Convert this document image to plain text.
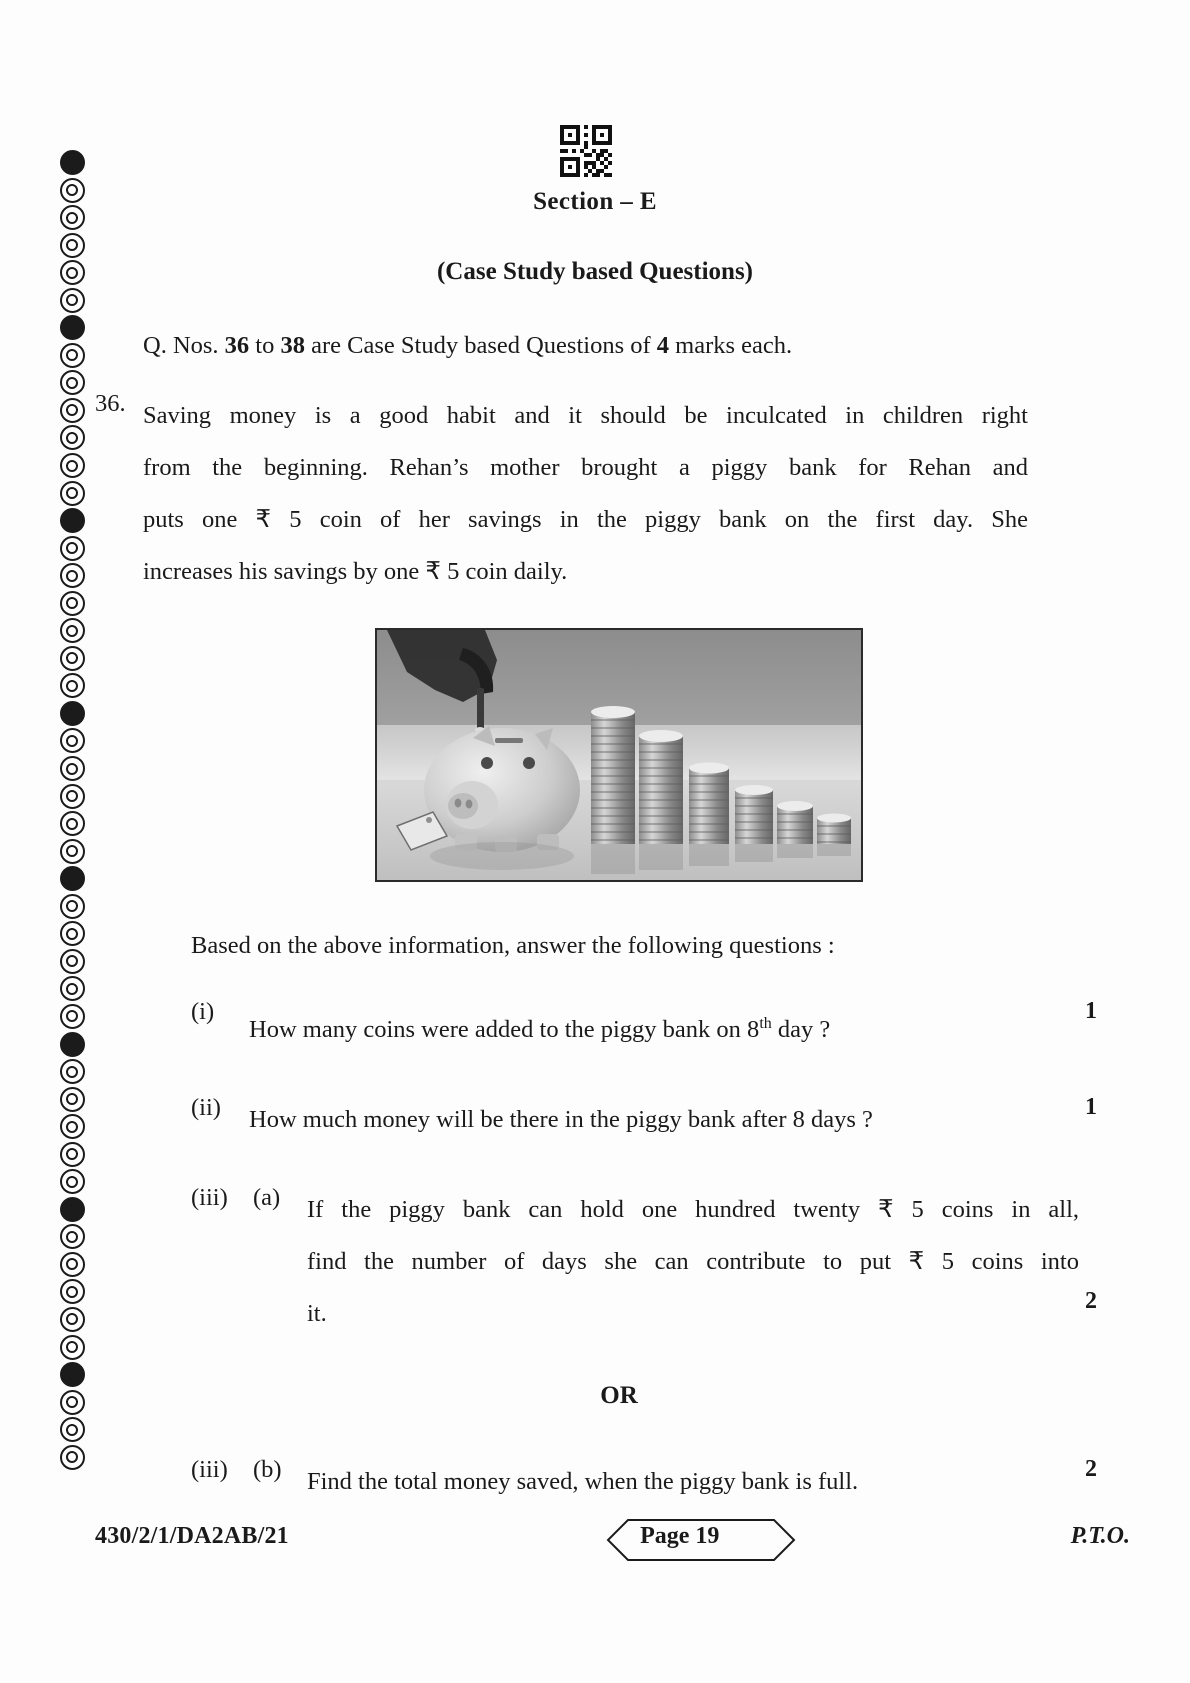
Section – E
(Case Study based Questions)
Q. Nos. 36 to 38 are Case Study based Questions of 4 marks each.
36. Saving money is a good habit and it should be inculcated in children right
from the beginning. Rehan’s mother brought a piggy bank for Rehan and
puts one ₹ 5 coin of her savings in the piggy bank on the first day. She
increases his savings by one ₹ 5 coin daily.
Based on the above information, answer the following questions :
(i)
How many coins were added to the piggy bank on 8th day ?
1
(ii)	How much money will be there in the piggy bank after 8 days ?	1
(iii)	(a)	If the piggy bank can hold one hundred twenty ₹ 5 coins in all,
find the number of days she can contribute to put ₹ 5 coins into
it.	2
OR
(iii)	(b)	Find the total money saved, when the piggy bank is full.	2
430/2/1/DA2AB/21	Page 19	P.T.O.
